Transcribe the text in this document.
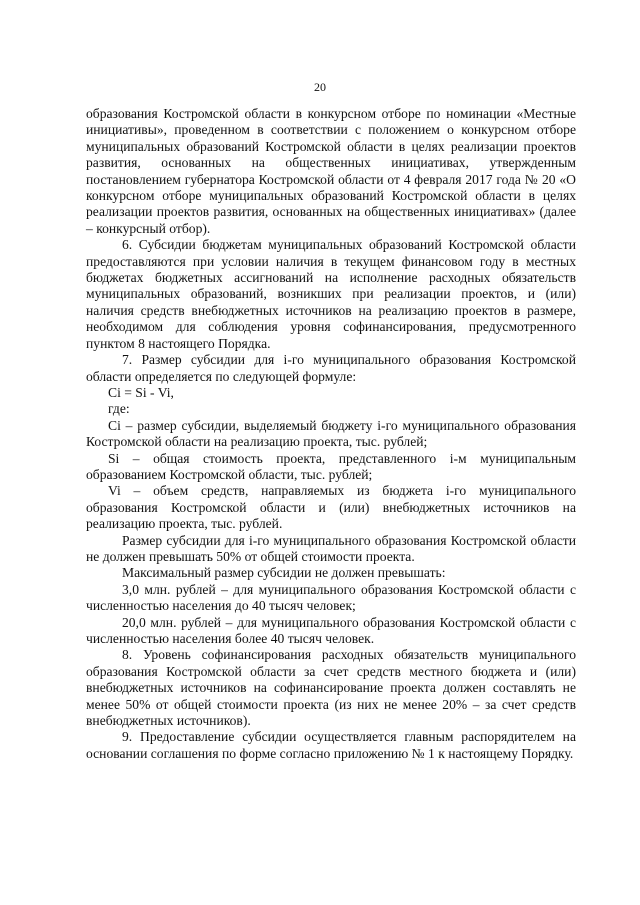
20

образования Костромской области в конкурсном отборе по номинации «Местные инициативы», проведенном в соответствии с положением о конкурсном отборе муниципальных образований Костромской области в целях реализации проектов развития, основанных на общественных инициативах, утвержденным постановлением губернатора Костромской области от 4 февраля 2017 года № 20 «О конкурсном отборе муниципальных образований Костромской области в целях реализации проектов развития, основанных на общественных инициативах» (далее – конкурсный отбор).

6. Субсидии бюджетам муниципальных образований Костромской области предоставляются при условии наличия в текущем финансовом году в местных бюджетах бюджетных ассигнований на исполнение расходных обязательств муниципальных образований, возникших при реализации проектов, и (или) наличия средств внебюджетных источников на реализацию проектов в размере, необходимом для соблюдения уровня софинансирования, предусмотренного пунктом 8 настоящего Порядка.

7. Размер субсидии для i-го муниципального образования Костромской области определяется по следующей формуле:

Ci = Si - Vi,

где:

Ci – размер субсидии, выделяемый бюджету i-го муниципального образования Костромской области на реализацию проекта, тыс. рублей;

Si – общая стоимость проекта, представленного i-м муниципальным образованием Костромской области, тыс. рублей;

Vi – объем средств, направляемых из бюджета i-го муниципального образования Костромской области и (или) внебюджетных источников на реализацию проекта, тыс. рублей.

Размер субсидии для i-го муниципального образования Костромской области не должен превышать 50% от общей стоимости проекта.

Максимальный размер субсидии не должен превышать:

3,0 млн. рублей – для муниципального образования Костромской области с численностью населения до 40 тысяч человек;

20,0 млн. рублей – для муниципального образования Костромской области с численностью населения более 40 тысяч человек.

8. Уровень софинансирования расходных обязательств муниципального образования Костромской области за счет средств местного бюджета и (или) внебюджетных источников на софинансирование проекта должен составлять не менее 50% от общей стоимости проекта (из них не менее 20% – за счет средств внебюджетных источников).

9. Предоставление субсидии осуществляется главным распорядителем на основании соглашения по форме согласно приложению № 1 к настоящему Порядку.
